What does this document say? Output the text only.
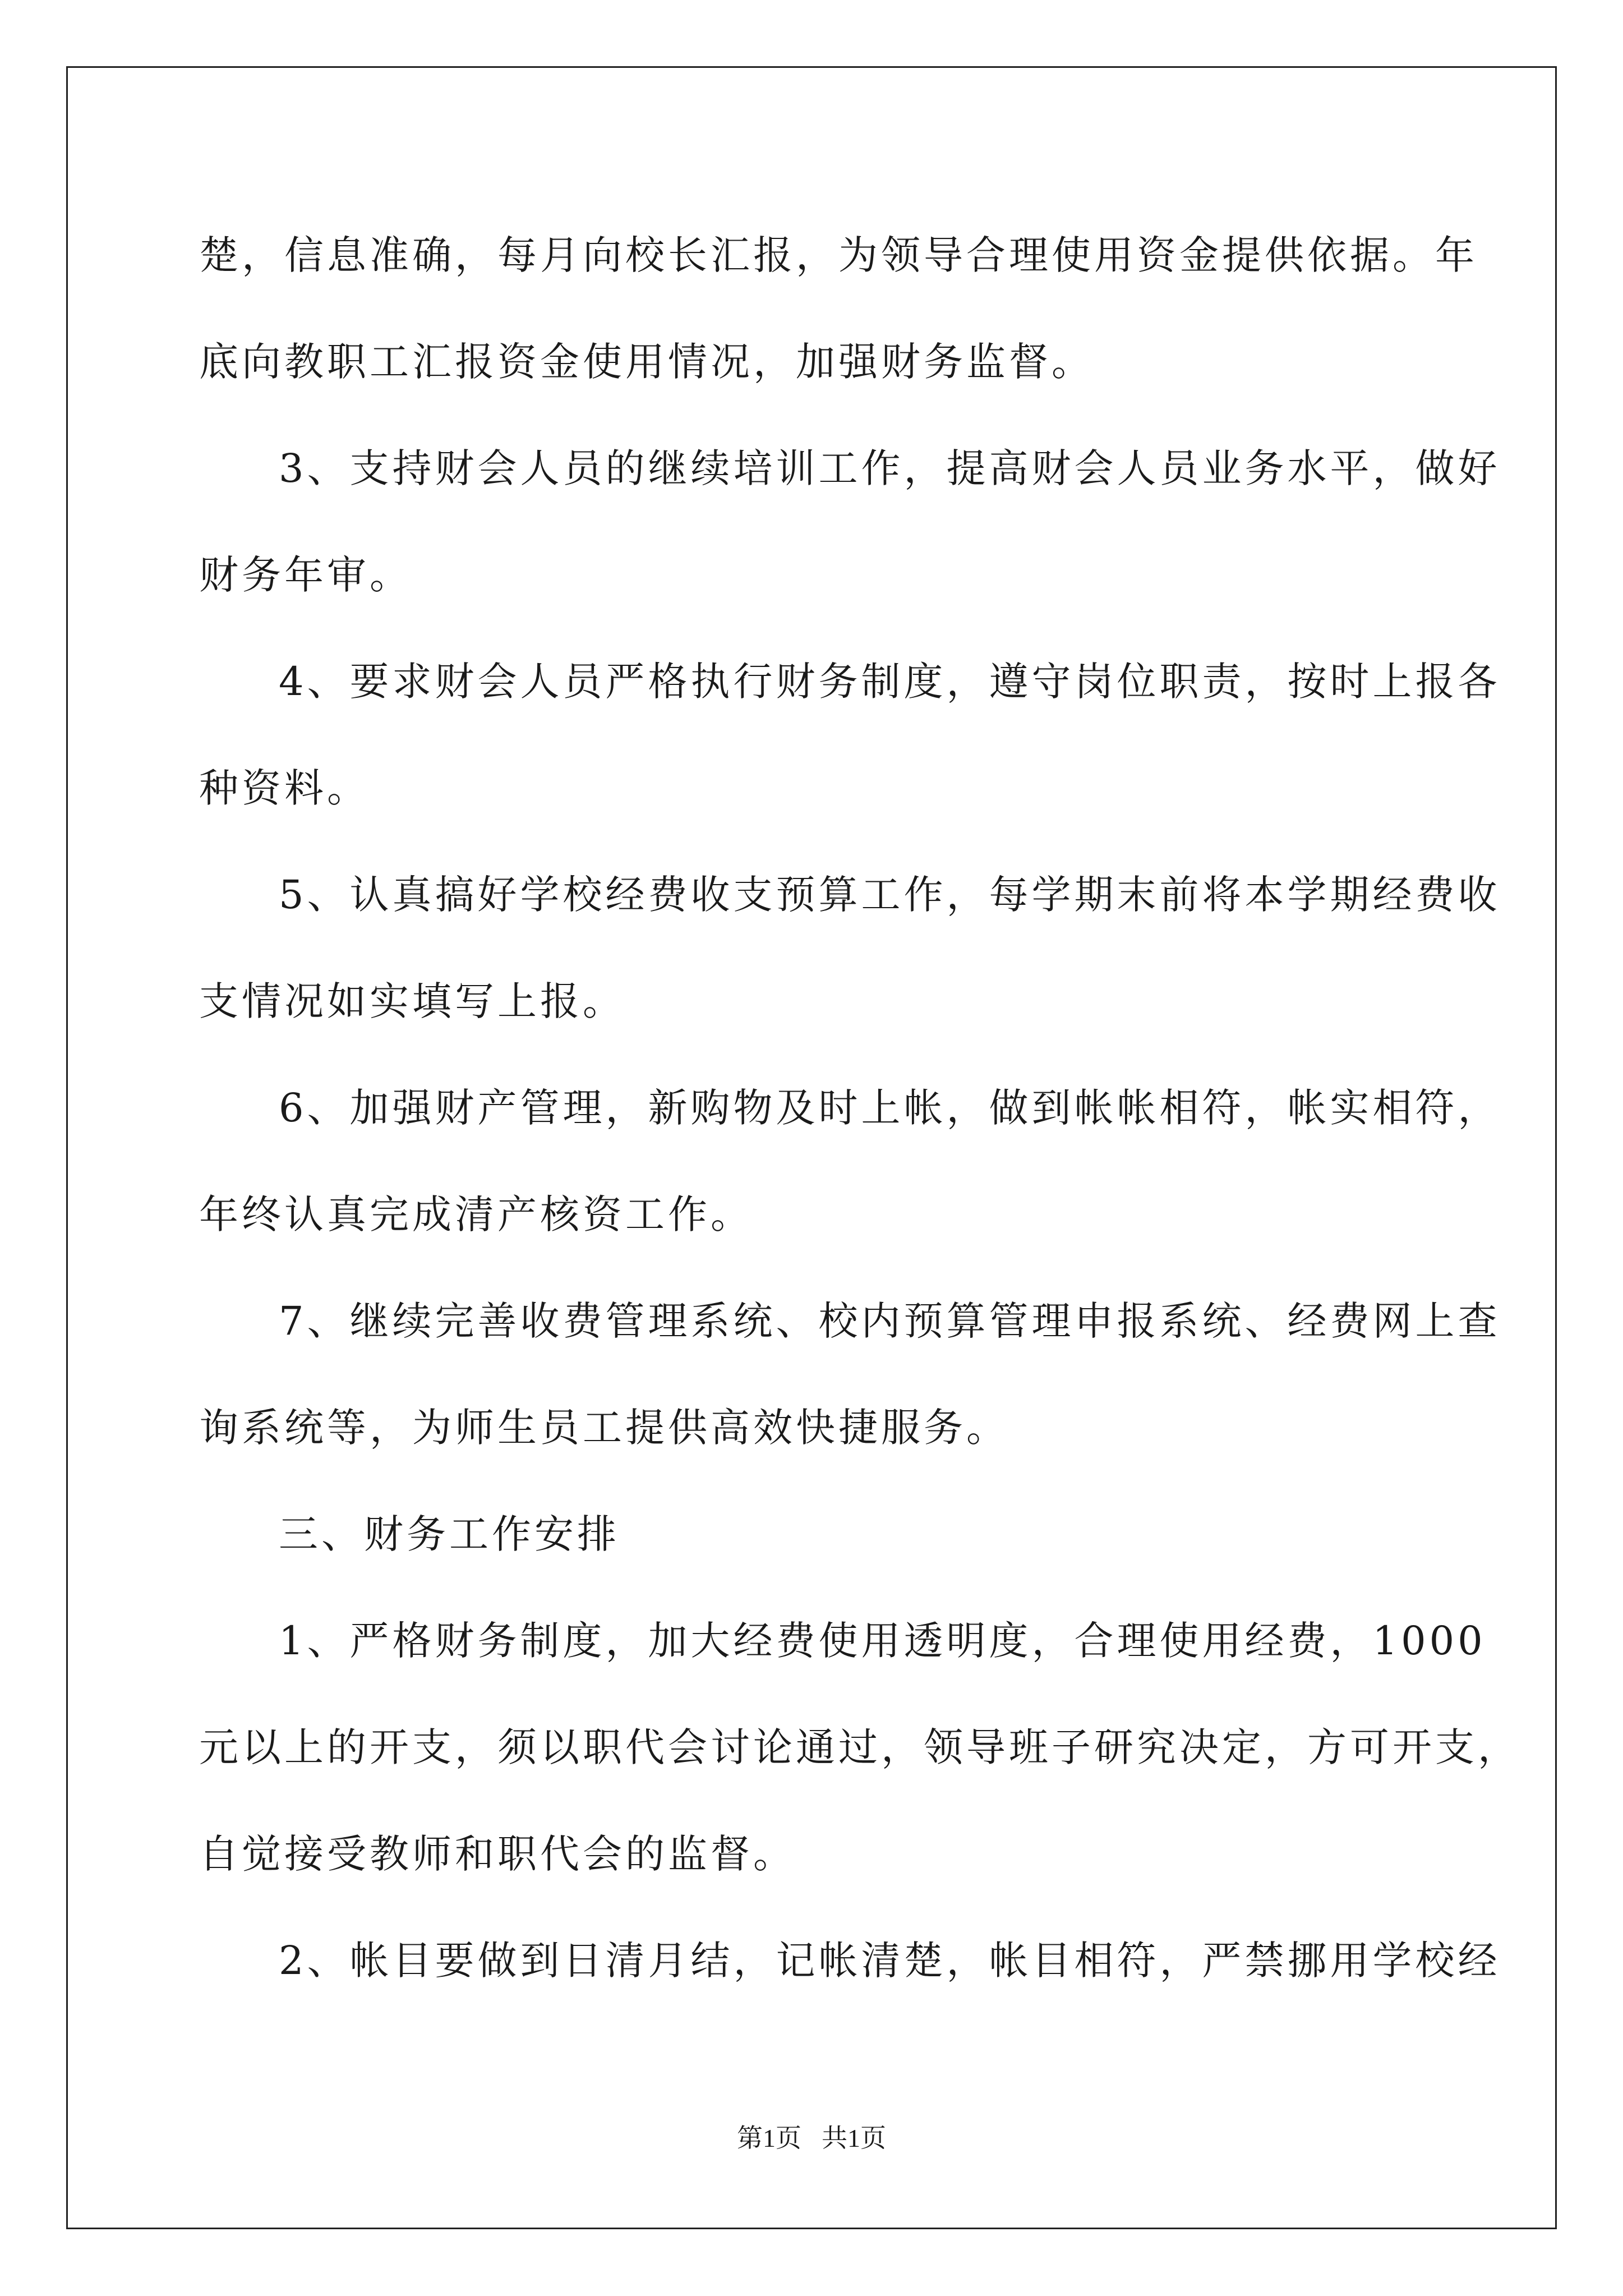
楚，信息准确，每月向校长汇报，为领导合理使用资金提供依据。年

底向教职工汇报资金使用情况，加强财务监督。

3、支持财会人员的继续培训工作，提高财会人员业务水平，做好

财务年审。

4、要求财会人员严格执行财务制度，遵守岗位职责，按时上报各

种资料。

5、认真搞好学校经费收支预算工作，每学期末前将本学期经费收

支情况如实填写上报。

6、加强财产管理，新购物及时上帐，做到帐帐相符，帐实相符，

年终认真完成清产核资工作。

7、继续完善收费管理系统、校内预算管理申报系统、经费网上查

询系统等，为师生员工提供高效快捷服务。

三、财务工作安排

1、严格财务制度，加大经费使用透明度，合理使用经费，1000

元以上的开支，须以职代会讨论通过，领导班子研究决定，方可开支，

自觉接受教师和职代会的监督。

2、帐目要做到日清月结，记帐清楚，帐目相符，严禁挪用学校经

第1页 共1页
